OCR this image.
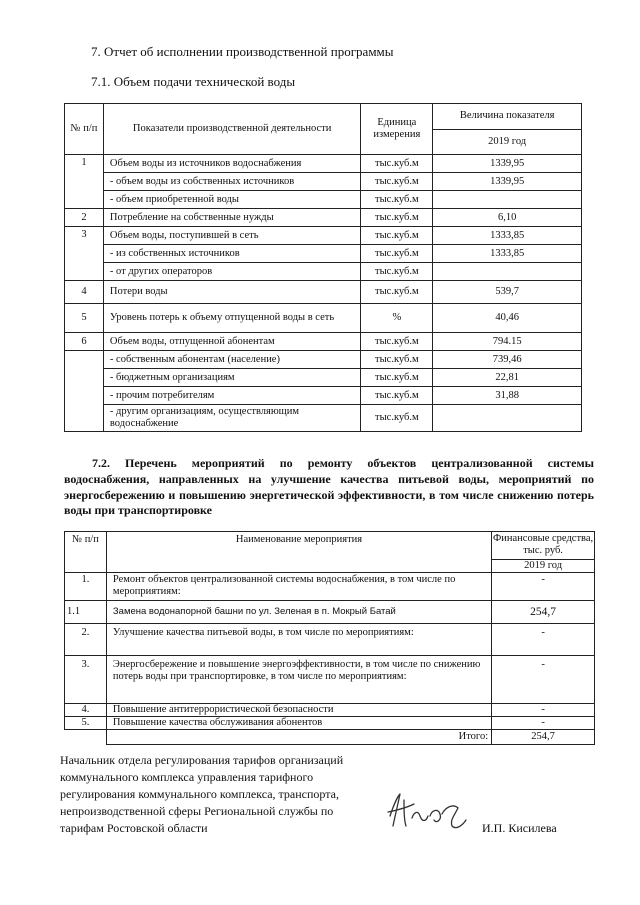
7. Отчет об исполнении производственной программы
7.1. Объем подачи технической воды
№ п/п	Показатели производственной деятельности	Единица измерения	Величина показателя
			2019 год
1	Объем воды из источников водоснабжения	тыс.куб.м	1339,95
	- объем воды из собственных источников	тыс.куб.м	1339,95
	- объем приобретенной воды	тыс.куб.м	
2	Потребление на собственные нужды	тыс.куб.м	6,10
3	Объем воды, поступившей в сеть	тыс.куб.м	1333,85
	- из собственных источников	тыс.куб.м	1333,85
	- от других операторов	тыс.куб.м	
4	Потери воды	тыс.куб.м	539,7
5	Уровень потерь к объему отпущенной воды в сеть	%	40,46
6	Объем воды, отпущенной абонентам	тыс.куб.м	794.15
	- собственным абонентам (население)	тыс.куб.м	739,46
	- бюджетным организациям	тыс.куб.м	22,81
	- прочим потребителям	тыс.куб.м	31,88
	- другим организациям, осуществляющим водоснабжение	тыс.куб.м	
7.2. Перечень мероприятий по ремонту объектов централизованной системы водоснабжения, направленных на улучшение качества питьевой воды, мероприятий по энергосбережению и повышению энергетической эффективности, в том числе снижению потерь воды при транспортировке
№ п/п	Наименование мероприятия	Финансовые средства, тыс. руб.
		2019 год
1.	Ремонт объектов централизованной системы водоснабжения, в том числе по мероприятиям:	-
1.1	Замена водонапорной башни по ул. Зеленая в п. Мокрый Батай	254,7
2.	Улучшение качества питьевой воды, в том числе по мероприятиям:	-
3.	Энергосбережение и повышение энергоэффективности, в том числе по снижению потерь воды при транспортировке, в том числе по мероприятиям:	-
4.	Повышение антитеррористической безопасности	-
5.	Повышение качества обслуживания абонентов	-
	Итого:	254,7
Начальник отдела регулирования тарифов организаций коммунального комплекса управления тарифного регулирования коммунального комплекса, транспорта, непроизводственной сферы Региональной службы по тарифам Ростовской области	И.П. Кисилева
